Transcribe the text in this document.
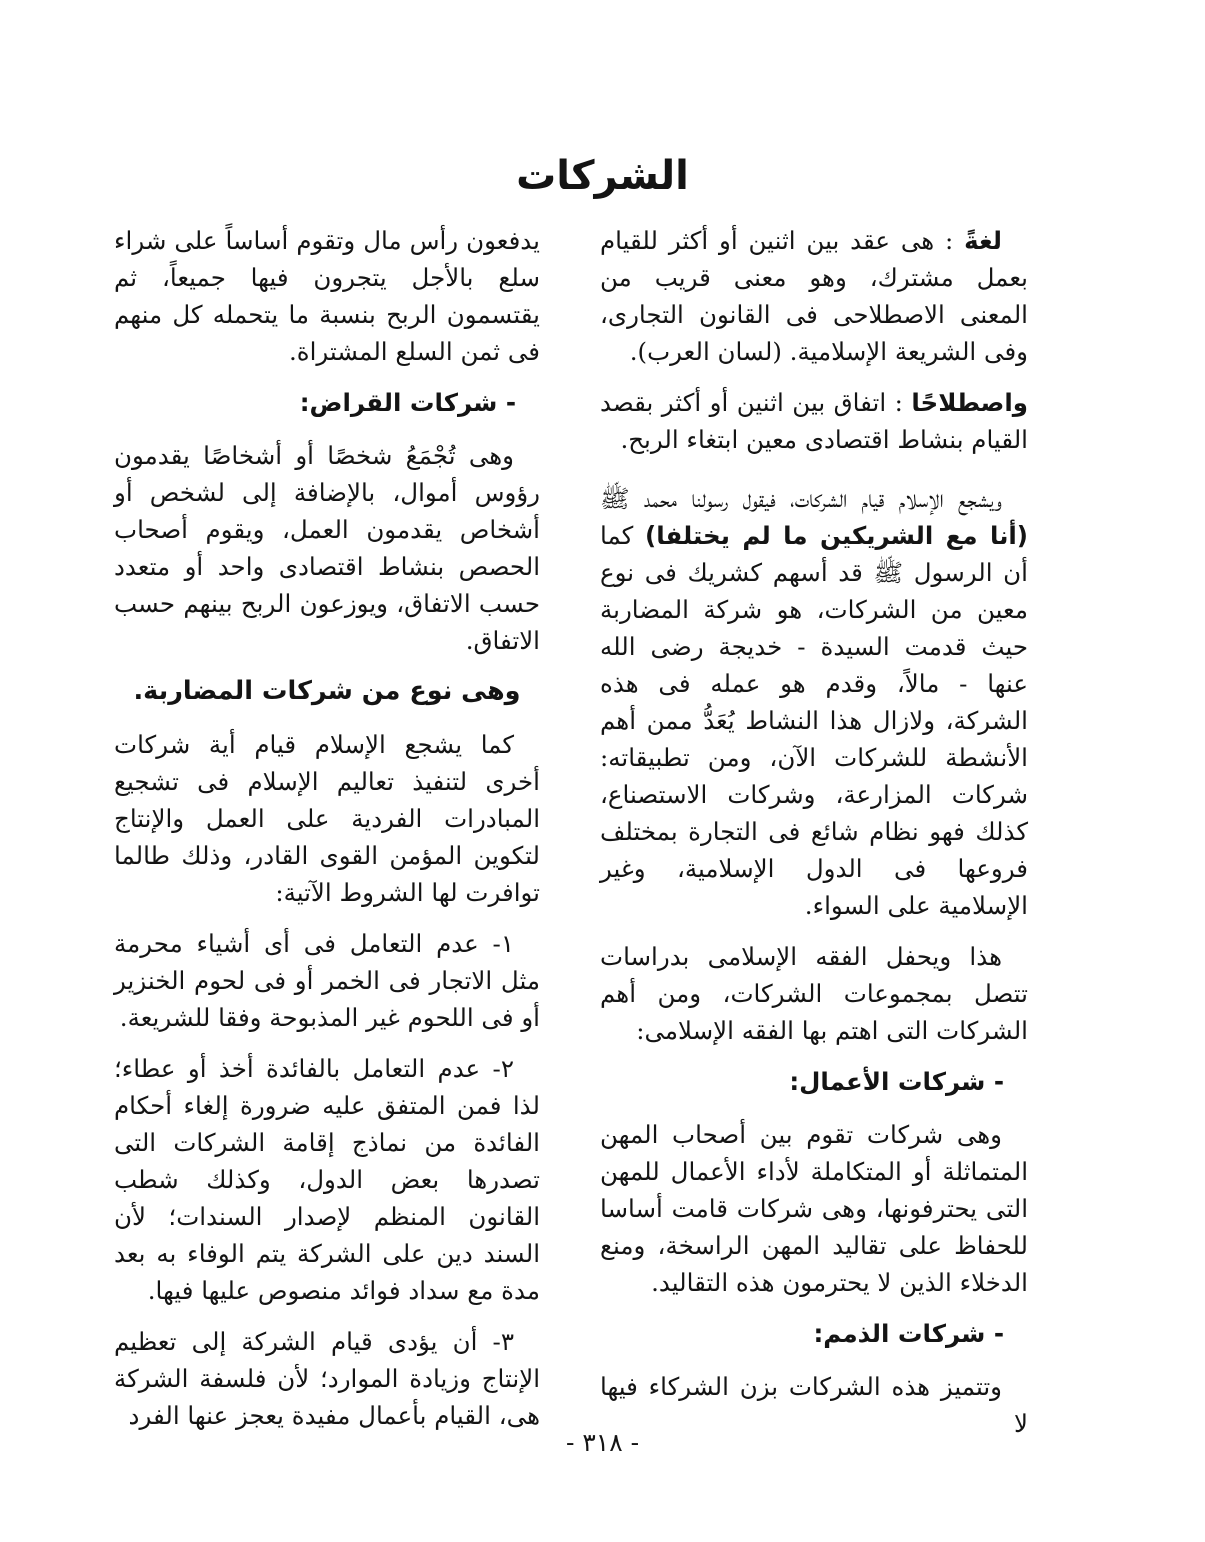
الشركات

لغةً : هى عقد بين اثنين أو أكثر للقيام بعمل مشترك، وهو معنى قريب من المعنى الاصطلاحى فى القانون التجارى، وفى الشريعة الإسلامية. (لسان العرب).

واصطلاحًا : اتفاق بين اثنين أو أكثر بقصد القيام بنشاط اقتصادى معين ابتغاء الربح.

ويشجع الإسلام قيام الشركات، فيقول رسولنا محمد ﷺ (أنا مع الشريكين ما لم يختلفا) كما أن الرسول ﷺ قد أسهم كشريك فى نوع معين من الشركات، هو شركة المضاربة حيث قدمت السيدة - خديجة رضى الله عنها - مالاً، وقدم هو عمله فى هذه الشركة، ولازال هذا النشاط يُعَدُّ ممن أهم الأنشطة للشركات الآن، ومن تطبيقاته: شركات المزارعة، وشركات الاستصناع، كذلك فهو نظام شائع فى التجارة بمختلف فروعها فى الدول الإسلامية، وغير الإسلامية على السواء.

هذا ويحفل الفقه الإسلامى بدراسات تتصل بمجموعات الشركات، ومن أهم الشركات التى اهتم بها الفقه الإسلامى:

- شركات الأعمال:

وهى شركات تقوم بين أصحاب المهن المتماثلة أو المتكاملة لأداء الأعمال للمهن التى يحترفونها، وهى شركات قامت أساسا للحفاظ على تقاليد المهن الراسخة، ومنع الدخلاء الذين لا يحترمون هذه التقاليد.

- شركات الذمم:

وتتميز هذه الشركات بزن الشركاء فيها لا

يدفعون رأس مال وتقوم أساساً على شراء سلع بالأجل يتجرون فيها جميعاً، ثم يقتسمون الربح بنسبة ما يتحمله كل منهم فى ثمن السلع المشتراة.

- شركات القراض:

وهى تُجْمَعُ شخصًا أو أشخاصًا يقدمون رؤوس أموال، بالإضافة إلى لشخص أو أشخاص يقدمون العمل، ويقوم أصحاب الحصص بنشاط اقتصادى واحد أو متعدد حسب الاتفاق، ويوزعون الربح بينهم حسب الاتفاق.

وهى نوع من شركات المضاربة.

كما يشجع الإسلام قيام أية شركات أخرى لتنفيذ تعاليم الإسلام فى تشجيع المبادرات الفردية على العمل والإنتاج لتكوين المؤمن القوى القادر، وذلك طالما توافرت لها الشروط الآتية:

١- عدم التعامل فى أى أشياء محرمة مثل الاتجار فى الخمر أو فى لحوم الخنزير أو فى اللحوم غير المذبوحة وفقا للشريعة.

٢- عدم التعامل بالفائدة أخذ أو عطاء؛ لذا فمن المتفق عليه ضرورة إلغاء أحكام الفائدة من نماذج إقامة الشركات التى تصدرها بعض الدول، وكذلك شطب القانون المنظم لإصدار السندات؛ لأن السند دين على الشركة يتم الوفاء به بعد مدة مع سداد فوائد منصوص عليها فيها.

٣- أن يؤدى قيام الشركة إلى تعظيم الإنتاج وزيادة الموارد؛ لأن فلسفة الشركة هى، القيام بأعمال مفيدة يعجز عنها الفرد

- ٣١٨ -
